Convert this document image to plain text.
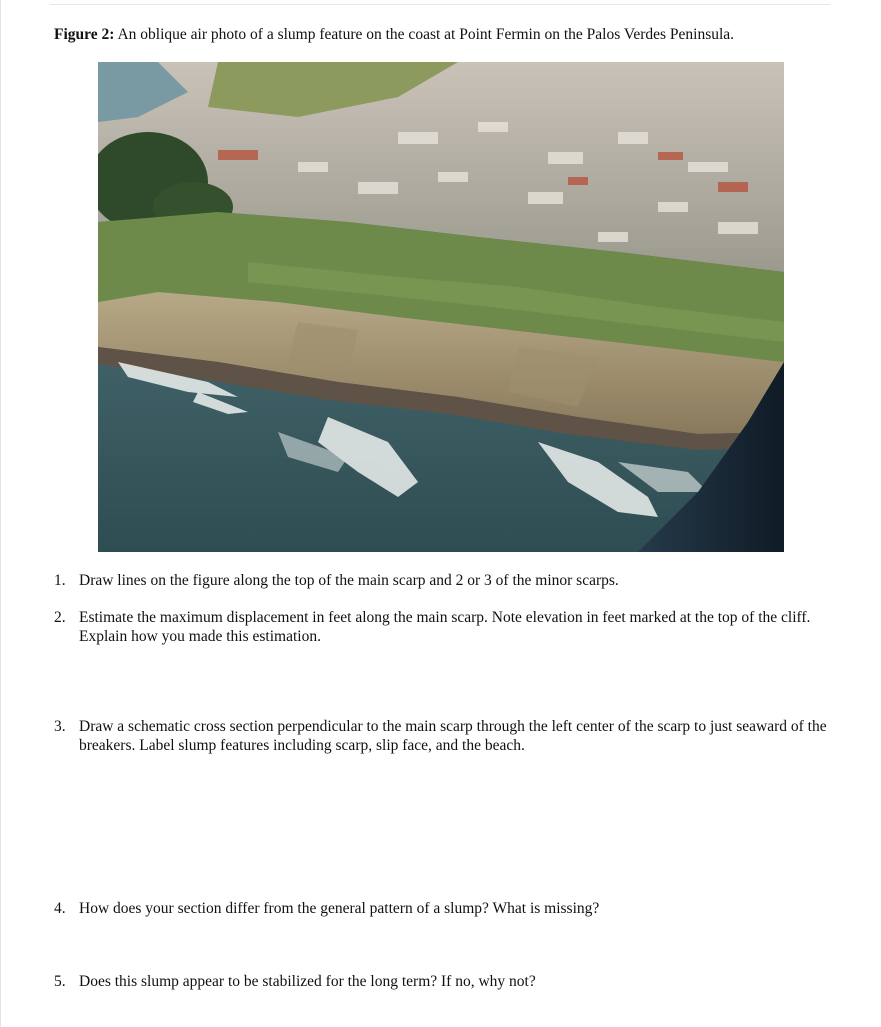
Figure 2: An oblique air photo of a slump feature on the coast at Point Fermin on the Palos Verdes Peninsula.
1. Draw lines on the figure along the top of the main scarp and 2 or 3 of the minor scarps.
2. Estimate the maximum displacement in feet along the main scarp. Note elevation in feet marked at the top of the cliff. Explain how you made this estimation.
3. Draw a schematic cross section perpendicular to the main scarp through the left center of the scarp to just seaward of the breakers. Label slump features including scarp, slip face, and the beach.
4. How does your section differ from the general pattern of a slump? What is missing?
5. Does this slump appear to be stabilized for the long term? If no, why not?
